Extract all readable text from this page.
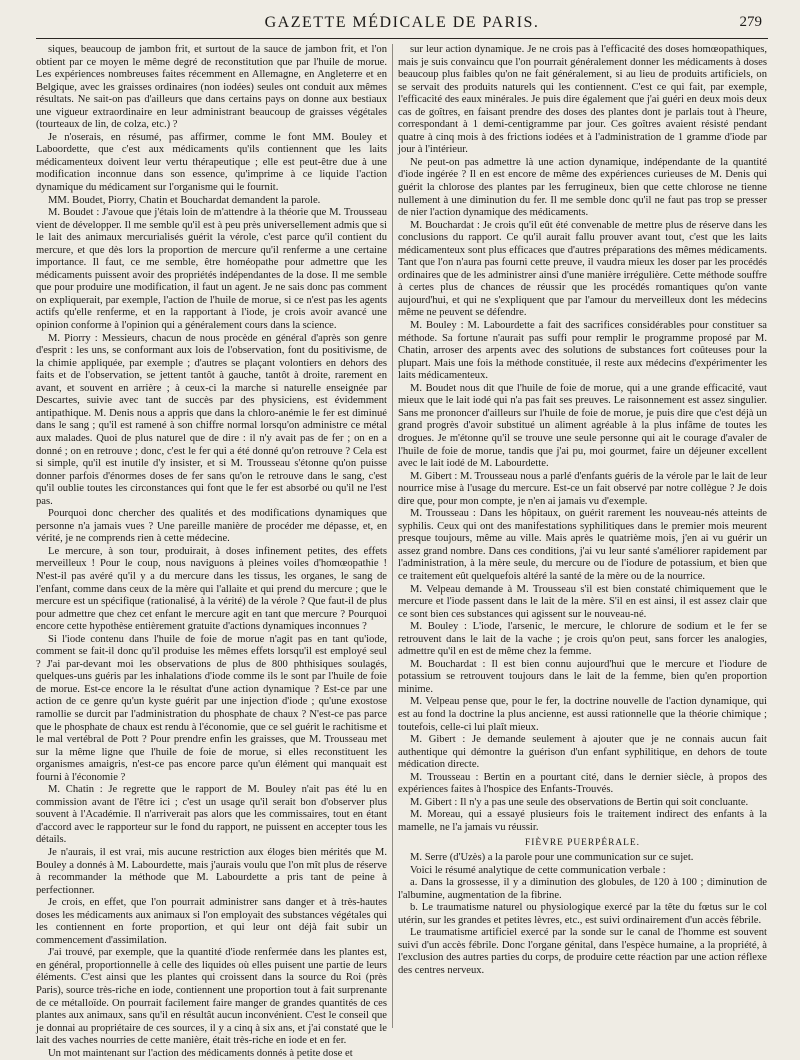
GAZETTE MÉDICALE DE PARIS.	279

siques, beaucoup de jambon frit, et surtout de la sauce de jambon frit, et l'on obtient par ce moyen le même degré de reconstitution que par l'huile de morue. Les expériences nombreuses faites récemment en Allemagne, en Angleterre et en Belgique, avec les graisses ordinaires (non iodées) seules ont conduit aux mêmes résultats. Ne sait-on pas d'ailleurs que dans certains pays on donne aux bestiaux une vigueur extraordinaire en leur administrant beaucoup de graisses végétales (tourteaux de lin, de colza, etc.) ?

Je n'oserais, en résumé, pas affirmer, comme le font MM. Bouley et Laboordette, que c'est aux médicaments qu'ils contiennent que les laits médicamenteux doivent leur vertu thérapeutique ; elle est peut-être due à une modification inconnue dans son essence, qu'imprime à ce liquide l'action dynamique du médicament sur l'organisme qui le fournit.

MM. Boudet, Piorry, Chatin et Bouchardat demandent la parole.

M. Boudet : J'avoue que j'étais loin de m'attendre à la théorie que M. Trousseau vient de développer. Il me semble qu'il est à peu près universellement admis que si le lait des animaux mercurialisés guérit la vérole, c'est parce qu'il contient du mercure, et que dès lors la proportion de mercure qu'il renferme a une certaine importance. Il faut, ce me semble, être homéopathe pour admettre que les médicaments puissent avoir des propriétés indépendantes de la dose. Il me semble que pour produire une modification, il faut un agent. Je ne sais donc pas comment on expliquerait, par exemple, l'action de l'huile de morue, si ce n'est pas les agents actifs qu'elle renferme, et en la rapportant à l'iode, je crois avoir avancé une opinion conforme à l'opinion qui a généralement cours dans la science.

M. Piorry : Messieurs, chacun de nous procède en général d'après son genre d'esprit : les uns, se conformant aux lois de l'observation, font du positivisme, de la chimie appliquée, par exemple ; d'autres se plaçant volontiers en dehors des faits et de l'observation, se jettent tantôt à gauche, tantôt à droite, rarement en avant, et souvent en arrière ; à ceux-ci la marche si naturelle enseignée par Descartes, suivie avec tant de succès par des physiciens, est évidemment antipathique. M. Denis nous a appris que dans la chloro-anémie le fer est diminué dans le sang ; qu'il est ramené à son chiffre normal lorsqu'on administre ce métal aux malades. Quoi de plus naturel que de dire : il n'y avait pas de fer ; on en a donné ; on en retrouve ; donc, c'est le fer qui a été donné qu'on retrouve ? Cela est si simple, qu'il est inutile d'y insister, et si M. Trousseau s'étonne qu'on puisse donner parfois d'énormes doses de fer sans qu'on le retrouve dans le sang, c'est qu'il oublie toutes les circonstances qui font que le fer est absorbé ou qu'il ne l'est pas.

Pourquoi donc chercher des qualités et des modifications dynamiques que personne n'a jamais vues ? Une pareille manière de procéder me dépasse, et, en vérité, je ne comprends rien à cette médecine.

Le mercure, à son tour, produirait, à doses infinement petites, des effets merveilleux ! Pour le coup, nous naviguons à pleines voiles d'homœopathie ! N'est-il pas avéré qu'il y a du mercure dans les tissus, les organes, le sang de l'enfant, comme dans ceux de la mère qui l'allaite et qui prend du mercure ; que le mercure est un spécifique (rationalisé, à la vérité) de la vérole ? Que faut-il de plus pour admettre que chez cet enfant le mercure agit en tant que mercure ? Pourquoi encore cette hypothèse entièrement gratuite d'actions dynamiques inconnues ?

Si l'iode contenu dans l'huile de foie de morue n'agit pas en tant qu'iode, comment se fait-il donc qu'il produise les mêmes effets lorsqu'il est employé seul ? J'ai par-devant moi les observations de plus de 800 phthisiques soulagés, quelques-uns guéris par les inhalations d'iode comme ils le sont par l'huile de foie de morue. Est-ce encore la le résultat d'une action dynamique ? Est-ce par une action de ce genre qu'un kyste guérit par une injection d'iode ; qu'une exostose ramollie se durcit par l'administration du phosphate de chaux ? N'est-ce pas parce que le phosphate de chaux est rendu à l'économie, que ce sel guérit le rachitisme et le mal vertébral de Pott ? Pour prendre enfin les graisses, que M. Trousseau met sur la même ligne que l'huile de foie de morue, si elles reconstituent les organismes amaigris, n'est-ce pas encore parce qu'un élément qui manquait est fourni à l'économie ?

M. Chatin : Je regrette que le rapport de M. Bouley n'ait pas été lu en commission avant de l'être ici ; c'est un usage qu'il serait bon d'observer plus souvent à l'Académie. Il n'arriverait pas alors que les commissaires, tout en étant d'accord avec le rapporteur sur le fond du rapport, ne puissent en accepter tous les détails.

Je n'aurais, il est vrai, mis aucune restriction aux éloges bien mérités que M. Bouley a donnés à M. Labourdette, mais j'aurais voulu que l'on mît plus de réserve à recommander la méthode que M. Labourdette a pris tant de peine à perfectionner.

Je crois, en effet, que l'on pourrait administrer sans danger et à très-hautes doses les médicaments aux animaux si l'on employait des substances végétales qui les contiennent en forte proportion, et qui leur ont déjà fait subir un commencement d'assimilation.

J'ai trouvé, par exemple, que la quantité d'iode renfermée dans les plantes est, en général, proportionnelle à celle des liquides où elles puisent une partie de leurs éléments. C'est ainsi que les plantes qui croissent dans la source du Roi (près Paris), source très-riche en iode, contiennent une proportion tout à fait surprenante de ce métalloïde. On pourrait facilement faire manger de grandes quantités de ces plantes aux animaux, sans qu'il en résultât aucun inconvénient. C'est le conseil que je donnai au propriétaire de ces sources, il y a cinq à six ans, et j'ai constaté que le lait des vaches nourries de cette manière, était très-riche en iode et en fer.

Un mot maintenant sur l'action des médicaments donnés à petite dose et

sur leur action dynamique. Je ne crois pas à l'efficacité des doses homœopathiques, mais je suis convaincu que l'on pourrait généralement donner les médicaments à doses beaucoup plus faibles qu'on ne fait généralement, si au lieu de produits artificiels, on se servait des produits naturels qui les contiennent. C'est ce qui fait, par exemple, l'efficacité des eaux minérales. Je puis dire également que j'ai guéri en deux mois deux cas de goîtres, en faisant prendre des doses des plantes dont je parlais tout à l'heure, correspondant à 1 demi-centigramme par jour. Ces goîtres avaient résisté pendant quatre à cinq mois à des frictions iodées et à l'administration de 1 gramme d'iode par jour à l'intérieur.

Ne peut-on pas admettre là une action dynamique, indépendante de la quantité d'iode ingérée ? Il en est encore de même des expériences curieuses de M. Denis qui guérit la chlorose des plantes par les ferrugineux, bien que cette chlorose ne tienne nullement à une diminution du fer. Il me semble donc qu'il ne faut pas trop se presser de nier l'action dynamique des médicaments.

M. Bouchardat : Je crois qu'il eût été convenable de mettre plus de réserve dans les conclusions du rapport. Ce qu'il aurait fallu prouver avant tout, c'est que les laits médicamenteux sont plus efficaces que d'autres préparations des mêmes médicaments. Tant que l'on n'aura pas fourni cette preuve, il vaudra mieux les doser par les procédés ordinaires que de les administrer ainsi d'une manière irrégulière. Cette méthode souffre à certes plus de chances de réussir que les procédés romantiques qu'on vante aujourd'hui, et qui ne s'expliquent que par l'amour du merveilleux dont les médecins même ne peuvent se défendre.

M. Bouley : M. Labourdette a fait des sacrifices considérables pour constituer sa méthode. Sa fortune n'aurait pas suffi pour remplir le programme proposé par M. Chatin, arroser des arpents avec des solutions de substances fort coûteuses pour la plupart. Mais une fois la méthode constituée, il reste aux médecins d'expérimenter les laits médicamenteux.

M. Boudet nous dit que l'huile de foie de morue, qui a une grande efficacité, vaut mieux que le lait iodé qui n'a pas fait ses preuves. Le raisonnement est assez singulier. Sans me prononcer d'ailleurs sur l'huile de foie de morue, je puis dire que c'est déjà un grand progrès d'avoir substitué un aliment agréable à la plus infâme de toutes les drogues. Je m'étonne qu'il se trouve une seule personne qui ait le courage d'avaler de l'huile de foie de morue, tandis que j'ai pu, moi gourmet, faire un déjeuner excellent avec le lait iodé de M. Labourdette.

M. Gibert : M. Trousseau nous a parlé d'enfants guéris de la vérole par le lait de leur nourrice mise à l'usage du mercure. Est-ce un fait observé par notre collègue ? Je dois dire que, pour mon compte, je n'en ai jamais vu d'exemple.

M. Trousseau : Dans les hôpitaux, on guérit rarement les nouveau-nés atteints de syphilis. Ceux qui ont des manifestations syphilitiques dans le premier mois meurent presque toujours, même au ville. Mais après le quatrième mois, j'en ai vu guérir un assez grand nombre. Dans ces conditions, j'ai vu leur santé s'améliorer rapidement par l'administration, à la mère seule, du mercure ou de l'iodure de potassium, et bien que ce traitement eût quelquefois altéré la santé de la mère ou de la nourrice.

M. Velpeau demande à M. Trousseau s'il est bien constaté chimiquement que le mercure et l'iode passent dans le lait de la mère. S'il en est ainsi, il est assez clair que ce sont bien ces substances qui agissent sur le nouveau-né.

M. Bouley : L'iode, l'arsenic, le mercure, le chlorure de sodium et le fer se retrouvent dans le lait de la vache ; je crois qu'on peut, sans forcer les analogies, admettre qu'il en est de même chez la femme.

M. Bouchardat : Il est bien connu aujourd'hui que le mercure et l'iodure de potassium se retrouvent toujours dans le lait de la femme, bien qu'en proportion minime.

M. Velpeau pense que, pour le fer, la doctrine nouvelle de l'action dynamique, qui est au fond la doctrine la plus ancienne, est aussi rationnelle que la théorie chimique ; toutefois, celle-ci lui plaît mieux.

M. Gibert : Je demande seulement à ajouter que je ne connais aucun fait authentique qui démontre la guérison d'un enfant syphilitique, en dehors de toute médication directe.

M. Trousseau : Bertin en a pourtant cité, dans le dernier siècle, à propos des expériences faites à l'hospice des Enfants-Trouvés.

M. Gibert : Il n'y a pas une seule des observations de Bertin qui soit concluante.

M. Moreau, qui a essayé plusieurs fois le traitement indirect des enfants à la mamelle, ne l'a jamais vu réussir.

FIÈVRE PUERPÉRALE.

M. Serre (d'Uzès) a la parole pour une communication sur ce sujet.

Voici le résumé analytique de cette communication verbale :

a. Dans la grossesse, il y a diminution des globules, de 120 à 100 ; diminution de l'albumine, augmentation de la fibrine.

b. Le traumatisme naturel ou physiologique exercé par la tête du fœtus sur le col utérin, sur les grandes et petites lèvres, etc., est suivi ordinairement d'un accès fébrile.

Le traumatisme artificiel exercé par la sonde sur le canal de l'homme est souvent suivi d'un accès fébrile. Donc l'organe génital, dans l'espèce humaine, a la propriété, à l'exclusion des autres parties du corps, de produire cette réaction par une action réflexe des centres nerveux.
